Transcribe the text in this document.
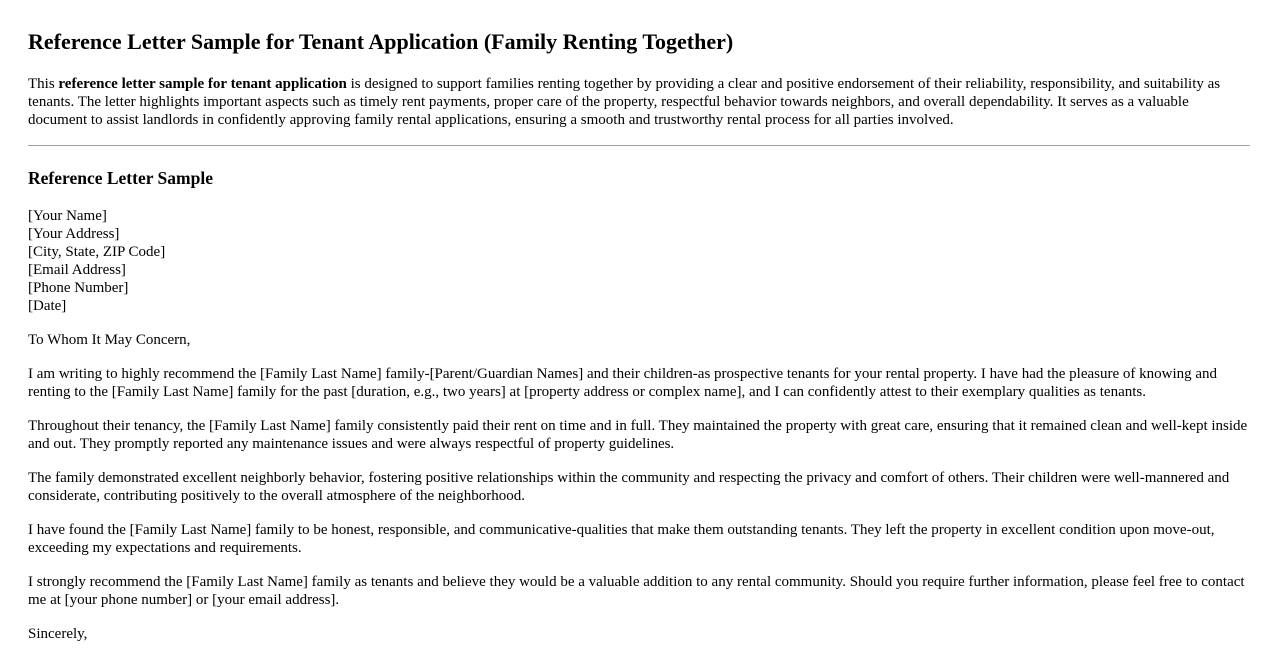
Reference Letter Sample for Tenant Application (Family Renting Together)

This reference letter sample for tenant application is designed to support families renting together by providing a clear and positive endorsement of their reliability, responsibility, and suitability as tenants. The letter highlights important aspects such as timely rent payments, proper care of the property, respectful behavior towards neighbors, and overall dependability. It serves as a valuable document to assist landlords in confidently approving family rental applications, ensuring a smooth and trustworthy rental process for all parties involved.

Reference Letter Sample
[Your Name]
[Your Address]
[City, State, ZIP Code]
[Email Address]
[Phone Number]
[Date]
To Whom It May Concern,
I am writing to highly recommend the [Family Last Name] family-[Parent/Guardian Names] and their children-as prospective tenants for your rental property. I have had the pleasure of knowing and renting to the [Family Last Name] family for the past [duration, e.g., two years] at [property address or complex name], and I can confidently attest to their exemplary qualities as tenants.
Throughout their tenancy, the [Family Last Name] family consistently paid their rent on time and in full. They maintained the property with great care, ensuring that it remained clean and well-kept inside and out. They promptly reported any maintenance issues and were always respectful of property guidelines.
The family demonstrated excellent neighborly behavior, fostering positive relationships within the community and respecting the privacy and comfort of others. Their children were well-mannered and considerate, contributing positively to the overall atmosphere of the neighborhood.
I have found the [Family Last Name] family to be honest, responsible, and communicative-qualities that make them outstanding tenants. They left the property in excellent condition upon move-out, exceeding my expectations and requirements.
I strongly recommend the [Family Last Name] family as tenants and believe they would be a valuable addition to any rental community. Should you require further information, please feel free to contact me at [your phone number] or [your email address].
Sincerely,
